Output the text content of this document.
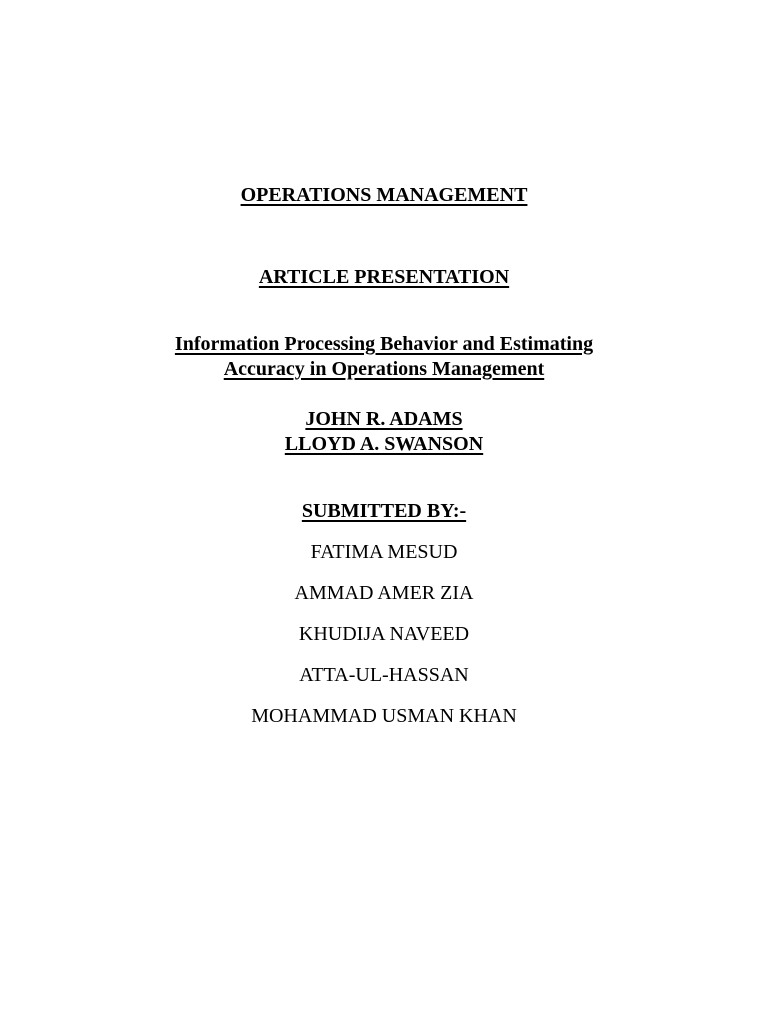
OPERATIONS MANAGEMENT
ARTICLE PRESENTATION
Information Processing Behavior and Estimating
Accuracy in Operations Management
JOHN R. ADAMS
LLOYD A. SWANSON
SUBMITTED BY:-
FATIMA MESUD
AMMAD AMER ZIA
KHUDIJA NAVEED
ATTA-UL-HASSAN
MOHAMMAD USMAN KHAN
